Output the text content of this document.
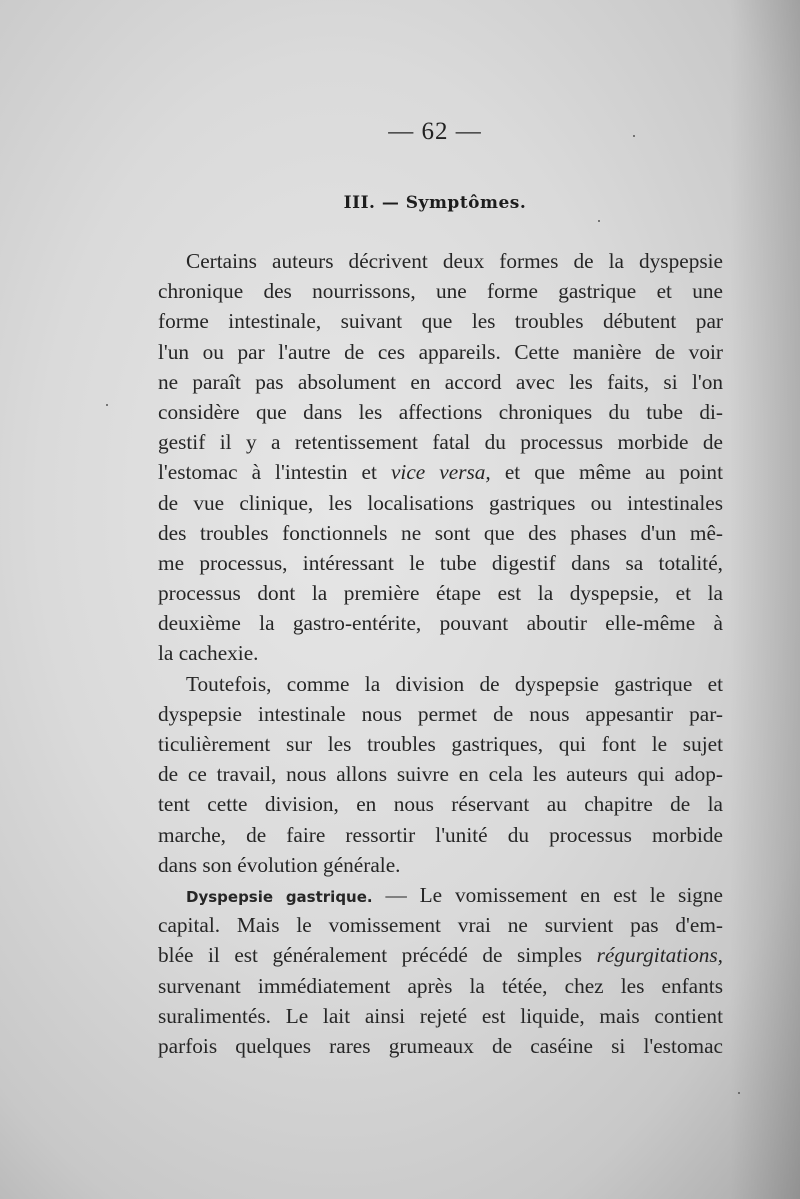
— 62 —
III. — Symptômes.
Certains auteurs décrivent deux formes de la dyspepsie
chronique des nourrissons, une forme gastrique et une
forme intestinale, suivant que les troubles débutent par
l'un ou par l'autre de ces appareils. Cette manière de voir
ne paraît pas absolument en accord avec les faits, si l'on
considère que dans les affections chroniques du tube di-
gestif il y a retentissement fatal du processus morbide de
l'estomac à l'intestin et vice versa, et que même au point
de vue clinique, les localisations gastriques ou intestinales
des troubles fonctionnels ne sont que des phases d'un mê-
me processus, intéressant le tube digestif dans sa totalité,
processus dont la première étape est la dyspepsie, et la
deuxième la gastro-entérite, pouvant aboutir elle-même à
la cachexie.
Toutefois, comme la division de dyspepsie gastrique et
dyspepsie intestinale nous permet de nous appesantir par-
ticulièrement sur les troubles gastriques, qui font le sujet
de ce travail, nous allons suivre en cela les auteurs qui adop-
tent cette division, en nous réservant au chapitre de la
marche, de faire ressortir l'unité du processus morbide
dans son évolution générale.
Dyspepsie gastrique. — Le vomissement en est le signe
capital. Mais le vomissement vrai ne survient pas d'em-
blée il est généralement précédé de simples régurgitations,
survenant immédiatement après la tétée, chez les enfants
suralimentés. Le lait ainsi rejeté est liquide, mais contient
parfois quelques rares grumeaux de caséine si l'estomac
